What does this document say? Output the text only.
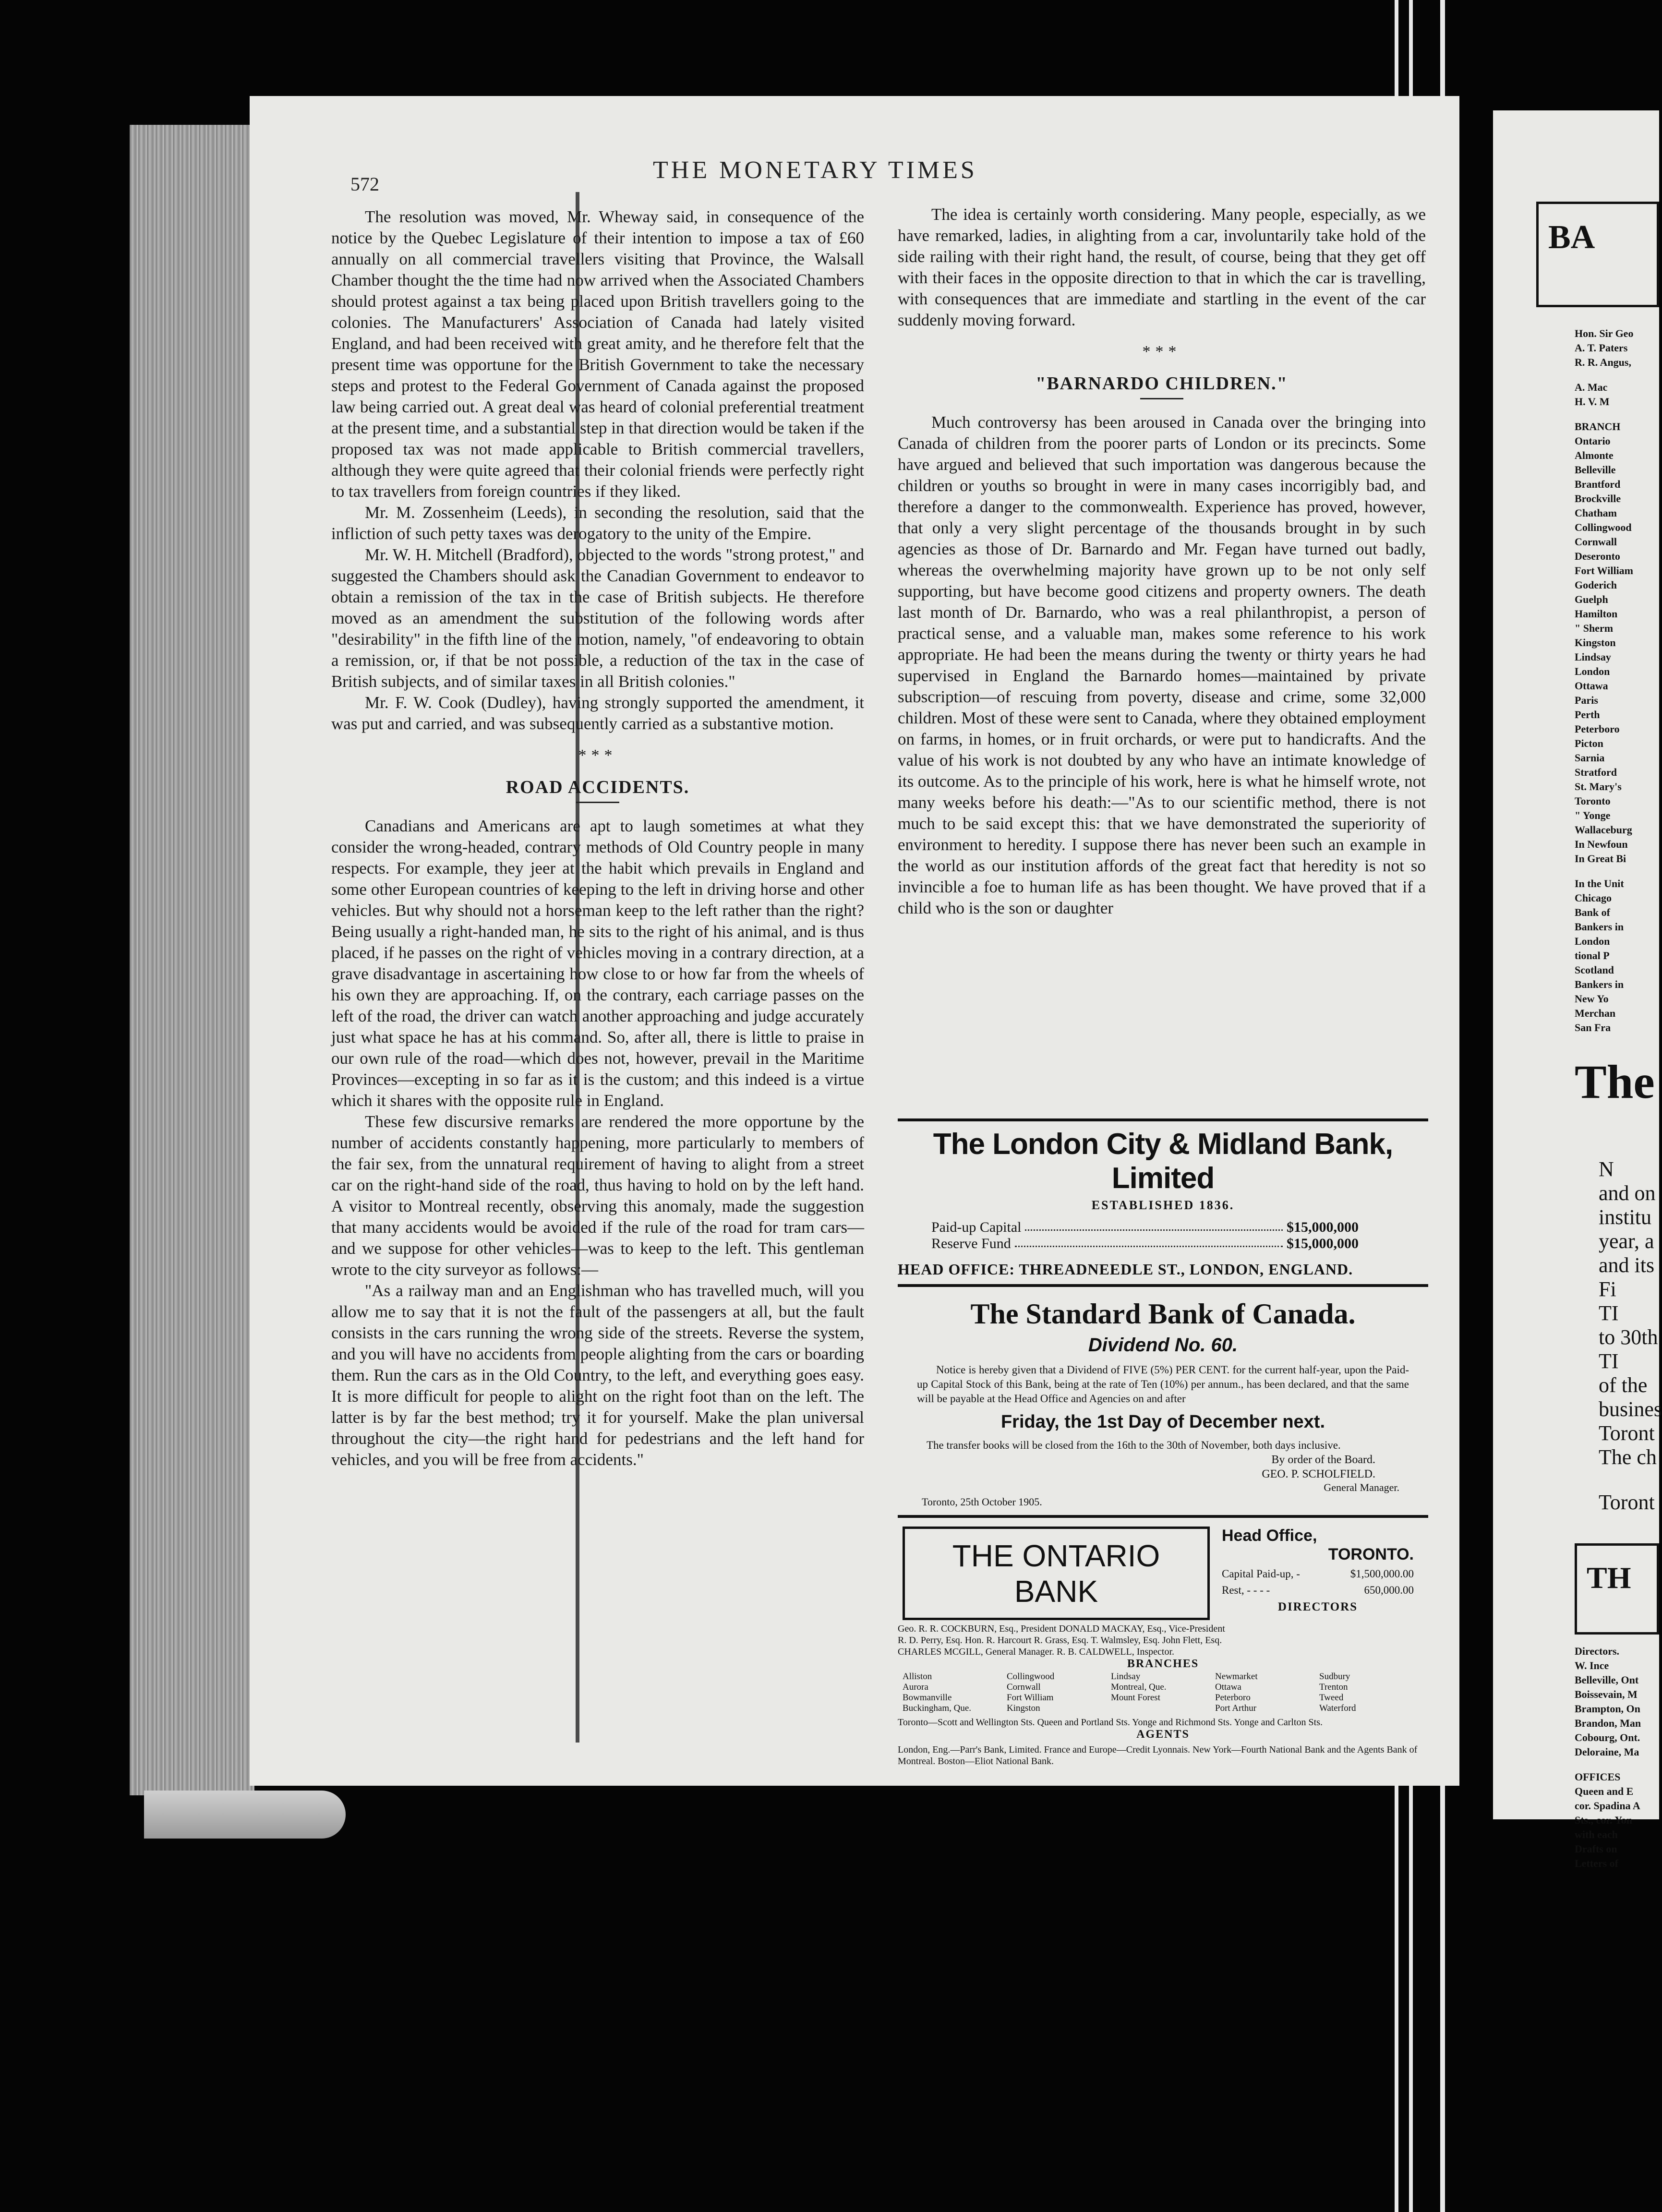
572
THE MONETARY TIMES

The resolution was moved, Mr. Wheway said, in consequence of the notice by the Quebec Legislature of their intention to impose a tax of £60 annually on all commercial travellers visiting that Province, the Walsall Chamber thought the the time had now arrived when the Associated Chambers should protest against a tax being placed upon British travellers going to the colonies. The Manufacturers' Association of Canada had lately visited England, and had been received with great amity, and he therefore felt that the present time was opportune for the British Government to take the necessary steps and protest to the Federal Government of Canada against the proposed law being carried out. A great deal was heard of colonial preferential treatment at the present time, and a substantial step in that direction would be taken if the proposed tax was not made applicable to British commercial travellers, although they were quite agreed that their colonial friends were perfectly right to tax travellers from foreign countries if they liked.

Mr. M. Zossenheim (Leeds), in seconding the resolution, said that the infliction of such petty taxes was derogatory to the unity of the Empire.

Mr. W. H. Mitchell (Bradford), objected to the words "strong protest," and suggested the Chambers should ask the Canadian Government to endeavor to obtain a remission of the tax in the case of British subjects. He therefore moved as an amendment the substitution of the following words after "desirability" in the fifth line of the motion, namely, "of endeavoring to obtain a remission, or, if that be not possible, a reduction of the tax in the case of British subjects, and of similar taxes in all British colonies."

Mr. F. W. Cook (Dudley), having strongly supported the amendment, it was put and carried, and was subsequently carried as a substantive motion.

***
ROAD ACCIDENTS.

Canadians and Americans are apt to laugh sometimes at what they consider the wrong-headed, contrary methods of Old Country people in many respects. For example, they jeer at the habit which prevails in England and some other European countries of keeping to the left in driving horse and other vehicles. But why should not a horseman keep to the left rather than the right? Being usually a right-handed man, he sits to the right of his animal, and is thus placed, if he passes on the right of vehicles moving in a contrary direction, at a grave disadvantage in ascertaining how close to or how far from the wheels of his own they are approaching. If, on the contrary, each carriage passes on the left of the road, the driver can watch another approaching and judge accurately just what space he has at his command. So, after all, there is little to praise in our own rule of the road—which does not, however, prevail in the Maritime Provinces—excepting in so far as it is the custom; and this indeed is a virtue which it shares with the opposite rule in England.

These few discursive remarks are rendered the more opportune by the number of accidents constantly happening, more particularly to members of the fair sex, from the unnatural requirement of having to alight from a street car on the right-hand side of the road, thus having to hold on by the left hand. A visitor to Montreal recently, observing this anomaly, made the suggestion that many accidents would be avoided if the rule of the road for tram cars—and we suppose for other vehicles—was to keep to the left. This gentleman wrote to the city surveyor as follows:—

"As a railway man and an Englishman who has travelled much, will you allow me to say that it is not the fault of the passengers at all, but the fault consists in the cars running the wrong side of the streets. Reverse the system, and you will have no accidents from people alighting from the cars or boarding them. Run the cars as in the Old Country, to the left, and everything goes easy. It is more difficult for people to alight on the right foot than on the left. The latter is by far the best method; try it for yourself. Make the plan universal throughout the city—the right hand for pedestrians and the left hand for vehicles, and you will be free from accidents."

The idea is certainly worth considering. Many people, especially, as we have remarked, ladies, in alighting from a car, involuntarily take hold of the side railing with their right hand, the result, of course, being that they get off with their faces in the opposite direction to that in which the car is travelling, with consequences that are immediate and startling in the event of the car suddenly moving forward.

***
"BARNARDO CHILDREN."

Much controversy has been aroused in Canada over the bringing into Canada of children from the poorer parts of London or its precincts. Some have argued and believed that such importation was dangerous because the children or youths so brought in were in many cases incorrigibly bad, and therefore a danger to the commonwealth. Experience has proved, however, that only a very slight percentage of the thousands brought in by such agencies as those of Dr. Barnardo and Mr. Fegan have turned out badly, whereas the overwhelming majority have grown up to be not only self supporting, but have become good citizens and property owners. The death last month of Dr. Barnardo, who was a real philanthropist, a person of practical sense, and a valuable man, makes some reference to his work appropriate. He had been the means during the twenty or thirty years he had supervised in England the Barnardo homes—maintained by private subscription—of rescuing from poverty, disease and crime, some 32,000 children. Most of these were sent to Canada, where they obtained employment on farms, in homes, or in fruit orchards, or were put to handicrafts. And the value of his work is not doubted by any who have an intimate knowledge of its outcome. As to the principle of his work, here is what he himself wrote, not many weeks before his death:—"As to our scientific method, there is not much to be said except this: that we have demonstrated the superiority of environment to heredity. I suppose there has never been such an example in the world as our institution affords of the great fact that heredity is not so invincible a foe to human life as has been thought. We have proved that if a child who is the son or daughter

The London City & Midland Bank, Limited
ESTABLISHED 1836.
Paid-up Capital	$15,000,000
Reserve Fund	$15,000,000
HEAD OFFICE: THREADNEEDLE ST., LONDON, ENGLAND.
The Standard Bank of Canada.
Dividend No. 60.
Notice is hereby given that a Dividend of FIVE (5%) PER CENT. for the current half-year, upon the Paid-up Capital Stock of this Bank, being at the rate of Ten (10%) per annum., has been declared, and that the same will be payable at the Head Office and Agencies on and after
Friday, the 1st Day of December next.
The transfer books will be closed from the 16th to the 30th of November, both days inclusive.
By order of the Board.
GEO. P. SCHOLFIELD.
General Manager.
Toronto, 25th October 1905.
THE ONTARIO
BANK
Head Office,
TORONTO.
Capital Paid-up, -	$1,500,000.00
Rest, - - - -	650,000.00
DIRECTORS

Geo. R. R. COCKBURN, Esq., President DONALD MACKAY, Esq., Vice-President

R. D. Perry, Esq. Hon. R. Harcourt R. Grass, Esq. T. Walmsley, Esq. John Flett, Esq.

CHARLES MCGILL, General Manager. R. B. CALDWELL, Inspector.

BRANCHES
Alliston	Collingwood	Lindsay	Newmarket	Sudbury
Aurora	Cornwall	Montreal, Que.	Ottawa	Trenton
Bowmanville	Fort William	Mount Forest	Peterboro	Tweed
Buckingham, Que.	Kingston	Port Arthur	Waterford
Toronto—Scott and Wellington Sts. Queen and Portland Sts. Yonge and Richmond Sts. Yonge and Carlton Sts.
AGENTS
London, Eng.—Parr's Bank, Limited. France and Europe—Credit Lyonnais. New York—Fourth National Bank and the Agents Bank of Montreal. Boston—Eliot National Bank.
BA
Hon. Sir Geo
A. T. Paters
R. R. Angus,
A. Mac
H. V. M
BRANCH
Ontario
Almonte
Belleville
Brantford
Brockville
Chatham
Collingwood
Cornwall
Deseronto
Fort William
Goderich
Guelph
Hamilton
" Sherm
Kingston
Lindsay
London
Ottawa
Paris
Perth
Peterboro
Picton
Sarnia
Stratford
St. Mary's
Toronto
" Yonge
Wallaceburg
In Newfoun
In Great Bi
In the Unit
Chicago
Bank of
Bankers in
London
tional P
Scotland
Bankers in
New Yo
Merchan
San Fra
The
N
and on
institu
year, a
and its
Fi
TI
to 30th
TI
of the
busines
Toront
The ch
Toront
TH
Directors.
W. Ince
Belleville, Ont
Boissevain, M
Brampton, On
Brandon, Man
Cobourg, Ont.
Deloraine, Ma
OFFICES
Queen and E
cor. Spadina A
Sts., cor. Yon
with each
Drafts on
Letters of
